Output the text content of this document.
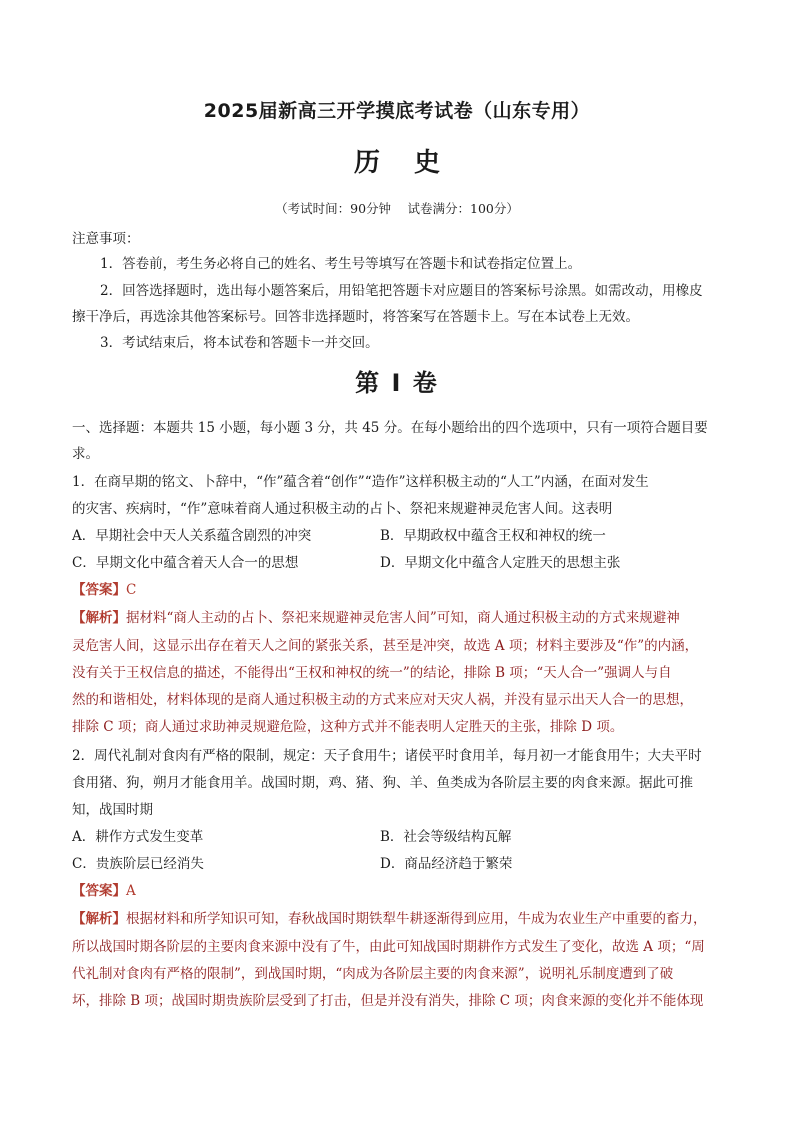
2025届新高三开学摸底考试卷（山东专用）
历史
（考试时间：90分钟　 试卷满分：100分）
注意事项：
1．答卷前，考生务必将自己的姓名、考生号等填写在答题卡和试卷指定位置上。
2．回答选择题时，选出每小题答案后，用铅笔把答题卡对应题目的答案标号涂黑。如需改动，用橡皮
擦干净后，再选涂其他答案标号。回答非选择题时，将答案写在答题卡上。写在本试卷上无效。
3．考试结束后，将本试卷和答题卡一并交回。
第 I 卷
一、选择题：本题共 15 小题，每小题 3 分，共 45 分。在每小题给出的四个选项中，只有一项符合题目要
求。
1．在商早期的铭文、卜辞中，“作”蕴含着“创作”“造作”这样积极主动的“人工”内涵，在面对发生
的灾害、疾病时，“作”意味着商人通过积极主动的占卜、祭祀来规避神灵危害人间。这表明
A．早期社会中天人关系蕴含剧烈的冲突	B．早期政权中蕴含王权和神权的统一
C．早期文化中蕴含着天人合一的思想	D．早期文化中蕴含人定胜天的思想主张
【答案】C
【解析】据材料“商人主动的占卜、祭祀来规避神灵危害人间”可知，商人通过积极主动的方式来规避神
灵危害人间，这显示出存在着天人之间的紧张关系，甚至是冲突，故选 A 项；材料主要涉及“作”的内涵，
没有关于王权信息的描述，不能得出“王权和神权的统一”的结论，排除 B 项；“天人合一”强调人与自
然的和谐相处，材料体现的是商人通过积极主动的方式来应对天灾人祸，并没有显示出天人合一的思想，
排除 C 项；商人通过求助神灵规避危险，这种方式并不能表明人定胜天的主张，排除 D 项。
2．周代礼制对食肉有严格的限制，规定：天子食用牛；诸侯平时食用羊，每月初一才能食用牛；大夫平时
食用猪、狗，朔月才能食用羊。战国时期，鸡、猪、狗、羊、鱼类成为各阶层主要的肉食来源。据此可推
知，战国时期
A．耕作方式发生变革	B．社会等级结构瓦解
C．贵族阶层已经消失	D．商品经济趋于繁荣
【答案】A
【解析】根据材料和所学知识可知，春秋战国时期铁犁牛耕逐渐得到应用，牛成为农业生产中重要的畜力，
所以战国时期各阶层的主要肉食来源中没有了牛，由此可知战国时期耕作方式发生了变化，故选 A 项；“周
代礼制对食肉有严格的限制”，到战国时期，“肉成为各阶层主要的肉食来源”，说明礼乐制度遭到了破
坏，排除 B 项；战国时期贵族阶层受到了打击，但是并没有消失，排除 C 项；肉食来源的变化并不能体现
